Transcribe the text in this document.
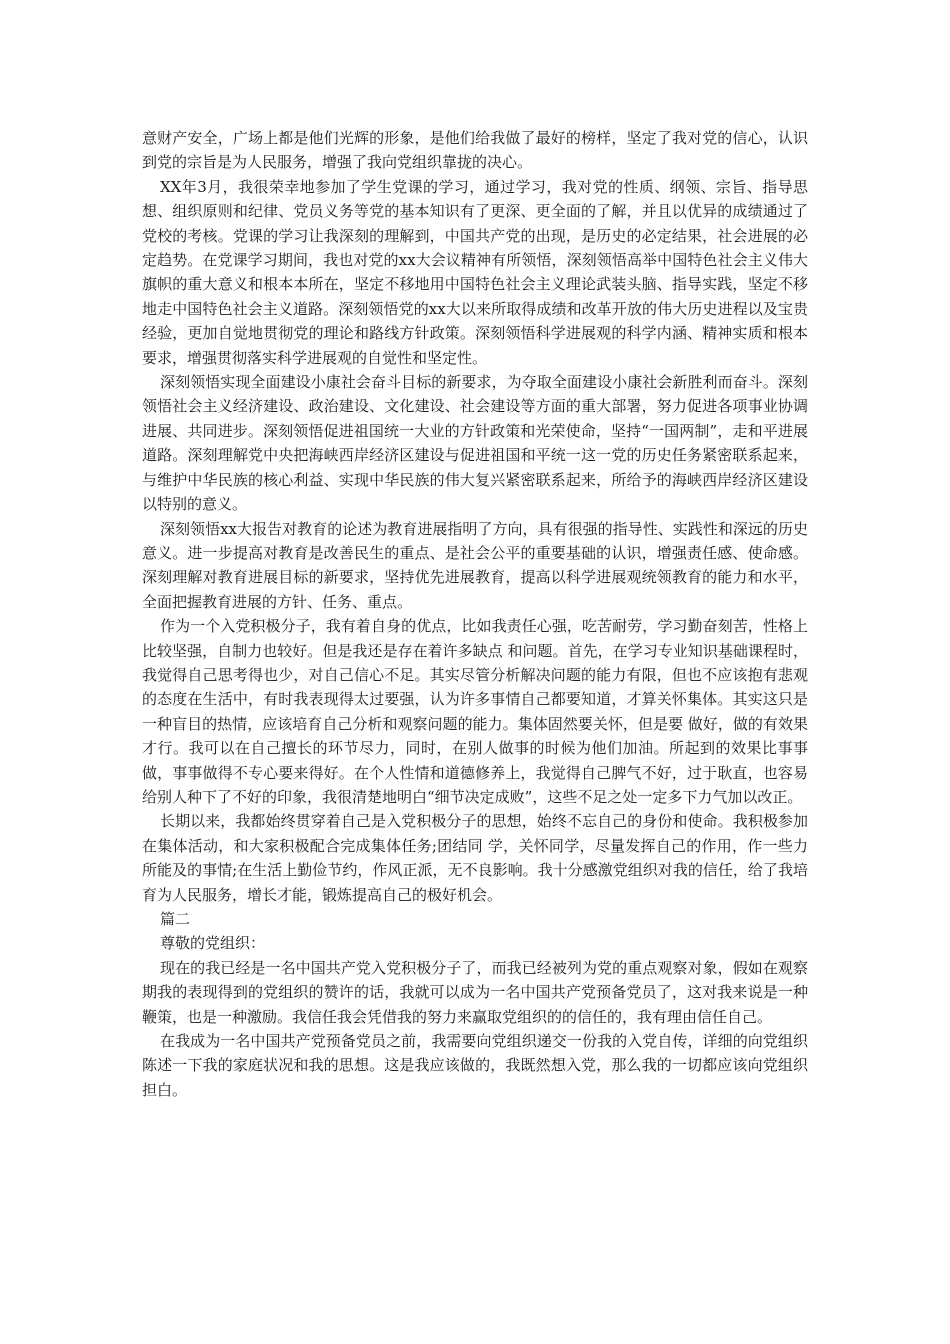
意财产安全，广场上都是他们光辉的形象，是他们给我做了最好的榜样，坚定了我对党的信心，认识到党的宗旨是为人民服务，增强了我向党组织靠拢的决心。

XX年3月，我很荣幸地参加了学生党课的学习，通过学习，我对党的性质、纲领、宗旨、指导思想、组织原则和纪律、党员义务等党的基本知识有了更深、更全面的了解，并且以优异的成绩通过了党校的考核。党课的学习让我深刻的理解到，中国共产党的出现，是历史的必定结果，社会进展的必定趋势。在党课学习期间，我也对党的xx大会议精神有所领悟，深刻领悟高举中国特色社会主义伟大旗帜的重大意义和根本本所在，坚定不移地用中国特色社会主义理论武装头脑、指导实践，坚定不移地走中国特色社会主义道路。深刻领悟党的xx大以来所取得成绩和改革开放的伟大历史进程以及宝贵经验，更加自觉地贯彻党的理论和路线方针政策。深刻领悟科学进展观的科学内涵、精神实质和根本要求，增强贯彻落实科学进展观的自觉性和坚定性。

深刻领悟实现全面建设小康社会奋斗目标的新要求，为夺取全面建设小康社会新胜利而奋斗。深刻领悟社会主义经济建设、政治建设、文化建设、社会建设等方面的重大部署，努力促进各项事业协调进展、共同进步。深刻领悟促进祖国统一大业的方针政策和光荣使命，坚持“一国两制”，走和平进展道路。深刻理解党中央把海峡西岸经济区建设与促进祖国和平统一这一党的历史任务紧密联系起来，与维护中华民族的核心利益、实现中华民族的伟大复兴紧密联系起来，所给予的海峡西岸经济区建设以特别的意义。

深刻领悟xx大报告对教育的论述为教育进展指明了方向，具有很强的指导性、实践性和深远的历史意义。进一步提高对教育是改善民生的重点、是社会公平的重要基础的认识，增强责任感、使命感。深刻理解对教育进展目标的新要求，坚持优先进展教育，提高以科学进展观统领教育的能力和水平，全面把握教育进展的方针、任务、重点。

作为一个入党积极分子，我有着自身的优点，比如我责任心强，吃苦耐劳，学习勤奋刻苦，性格上比较坚强，自制力也较好。但是我还是存在着许多缺点 和问题。首先，在学习专业知识基础课程时，我觉得自己思考得也少，对自己信心不足。其实尽管分析解决问题的能力有限，但也不应该抱有悲观的态度在生活中，有时我表现得太过要强，认为许多事情自己都要知道，才算关怀集体。其实这只是一种盲目的热情，应该培育自己分析和观察问题的能力。集体固然要关怀，但是要 做好，做的有效果才行。我可以在自己擅长的环节尽力，同时，在别人做事的时候为他们加油。所起到的效果比事事做，事事做得不专心要来得好。在个人性情和道德修养上，我觉得自己脾气不好，过于耿直，也容易给别人种下了不好的印象，我很清楚地明白“细节决定成败”，这些不足之处一定多下力气加以改正。

长期以来，我都始终贯穿着自己是入党积极分子的思想，始终不忘自己的身份和使命。我积极参加在集体活动，和大家积极配合完成集体任务;团结同 学，关怀同学，尽量发挥自己的作用，作一些力所能及的事情;在生活上勤俭节约，作风正派，无不良影响。我十分感激党组织对我的信任，给了我培育为人民服务，增长才能，锻炼提高自己的极好机会。

篇二

尊敬的党组织：

现在的我已经是一名中国共产党入党积极分子了，而我已经被列为党的重点观察对象，假如在观察期我的表现得到的党组织的赞许的话，我就可以成为一名中国共产党预备党员了，这对我来说是一种鞭策，也是一种激励。我信任我会凭借我的努力来赢取党组织的的信任的，我有理由信任自己。

在我成为一名中国共产党预备党员之前，我需要向党组织递交一份我的入党自传，详细的向党组织陈述一下我的家庭状况和我的思想。这是我应该做的，我既然想入党，那么我的一切都应该向党组织担白。
